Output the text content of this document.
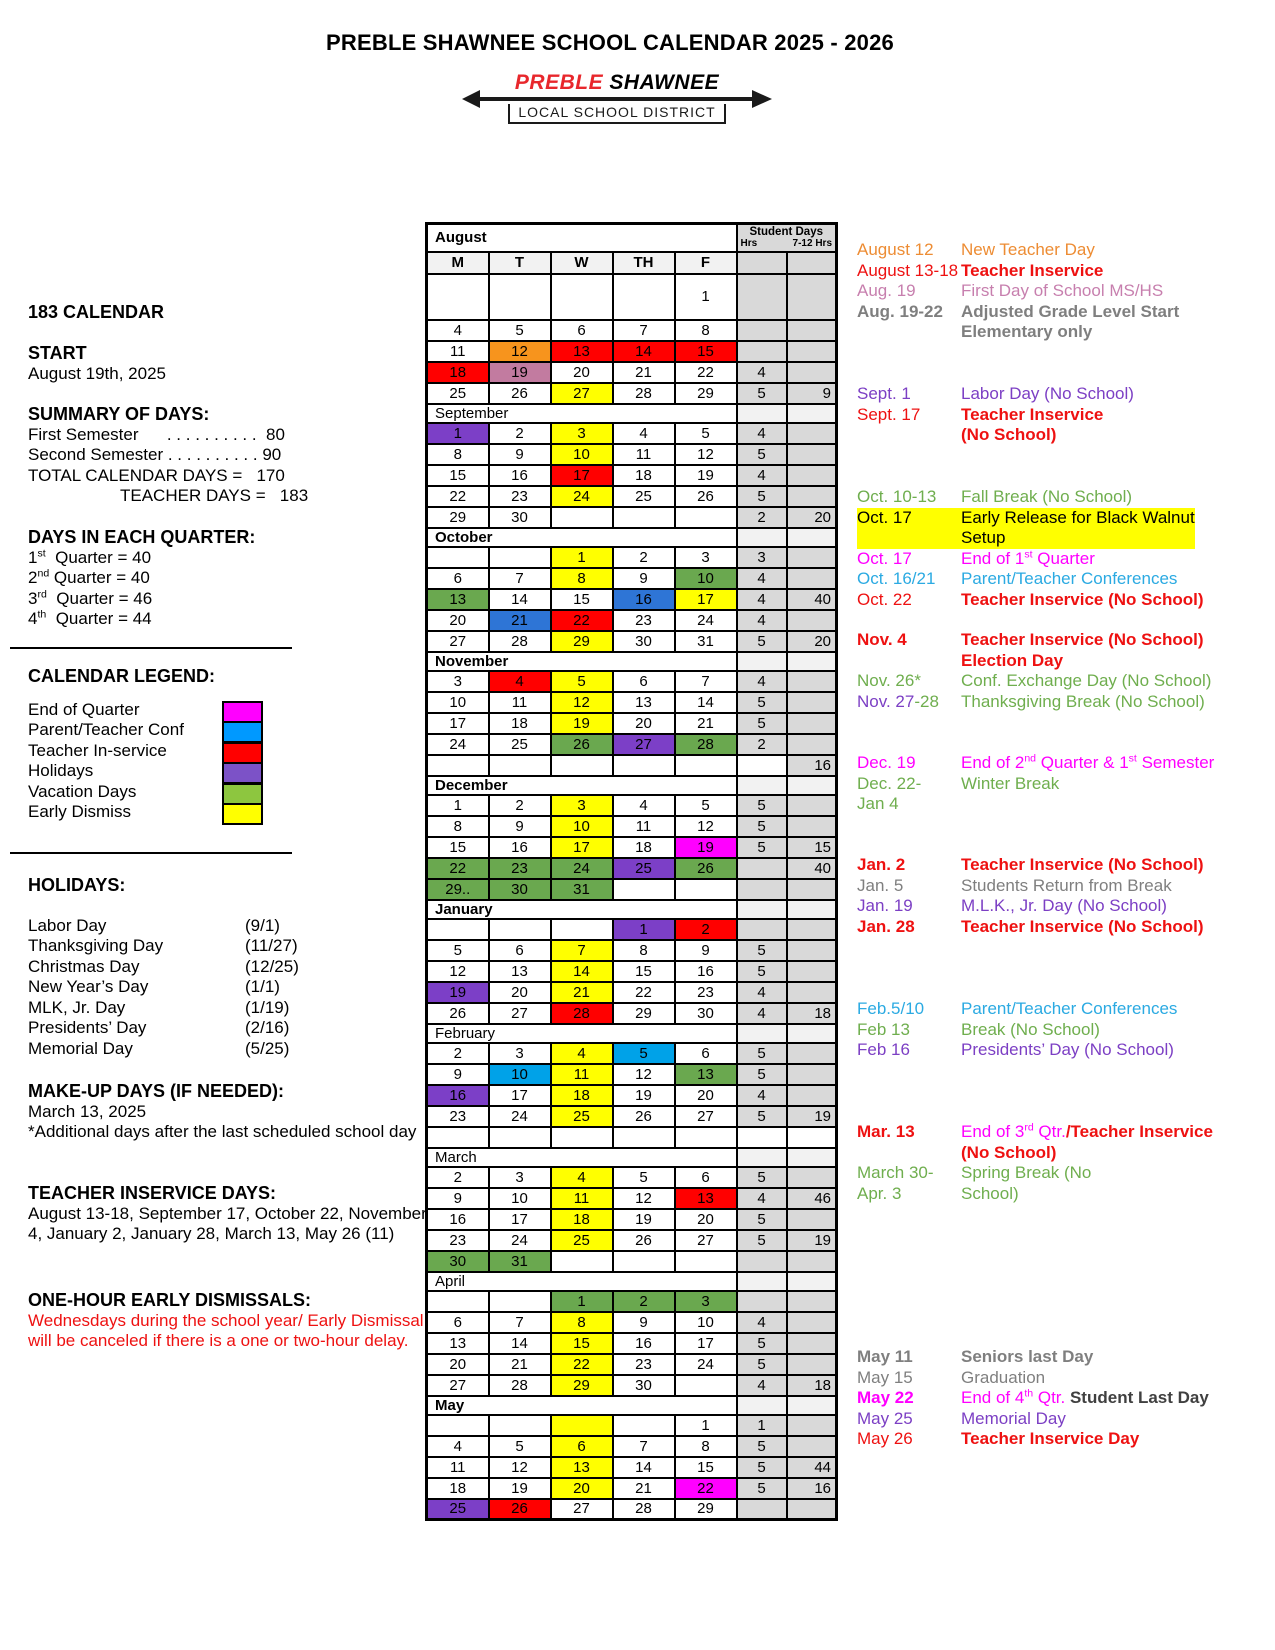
PREBLE SHAWNEE SCHOOL CALENDAR 2025 - 2026
PREBLE SHAWNEE
LOCAL SCHOOL DISTRICT
183 CALENDAR
START
August 19th, 2025
SUMMARY OF DAYS:
First Semester      . . . . . . . . . .  80
Second Semester . . . . . . . . . . 90
TOTAL CALENDAR DAYS =   170
TEACHER DAYS =   183
DAYS IN EACH QUARTER:
1st  Quarter = 40
2nd Quarter = 40
3rd  Quarter = 46
4th  Quarter = 44
CALENDAR LEGEND:
End of Quarter
Parent/Teacher Conf
Teacher In-service
Holidays
Vacation Days
Early Dismiss
HOLIDAYS:
Labor Day	(9/1)
Thanksgiving Day	(11/27)
Christmas Day	(12/25)
New Year’s Day	(1/1)
MLK, Jr. Day	(1/19)
Presidents’ Day	(2/16)
Memorial Day	(5/25)
MAKE-UP DAYS (IF NEEDED):
March 13, 2025
*Additional days after the last scheduled school day
TEACHER INSERVICE DAYS:
August 13-18, September 17, October 22, November 4, January 2, January 28, March 13, May 26 (11)
ONE-HOUR EARLY DISMISSALS:
Wednesdays during the school year/ Early Dismissal will be canceled if there is a one or two-hour delay.
August					Student Days
Hrs 7-12 Hrs	

M	T	W	TH	F		
				1		
4	5	6	7	8		
11	12	13	14	15		
18	19	20	21	22	4	
25	26	27	28	29	5	9
September						
1	2	3	4	5	4	
8	9	10	11	12	5	
15	16	17	18	19	4	
22	23	24	25	26	5	
29	30				2	20
October						
		1	2	3	3	
6	7	8	9	10	4	
13	14	15	16	17	4	40
20	21	22	23	24	4	
27	28	29	30	31	5	20
November						
3	4	5	6	7	4	
10	11	12	13	14	5	
17	18	19	20	21	5	
24	25	26	27	28	2	
						16
December						
1	2	3	4	5	5	
8	9	10	11	12	5	
15	16	17	18	19	5	15
22	23	24	25	26		40
29..	30	31				
January						
			1	2		
5	6	7	8	9	5	
12	13	14	15	16	5	
19	20	21	22	23	4	
26	27	28	29	30	4	18
February						
2	3	4	5	6	5	
9	10	11	12	13	5	
16	17	18	19	20	4	
23	24	25	26	27	5	19

March						
2	3	4	5	6	5	
9	10	11	12	13	4	46
16	17	18	19	20	5	
23	24	25	26	27	5	19
30	31					
April						
		1	2	3		
6	7	8	9	10	4	
13	14	15	16	17	5	
20	21	22	23	24	5	
27	28	29	30		4	18
May						
				1	1	
4	5	6	7	8	5	
11	12	13	14	15	5	44
18	19	20	21	22	5	16
25	26	27	28	29		
August 12	New Teacher Day
August 13-18 Teacher Inservice
Aug. 19	First Day of School MS/HS
Aug. 19-22	Adjusted Grade Level Start
Elementary only
Sept. 1	Labor Day (No School)
Sept. 17	Teacher Inservice
(No School)
Oct. 10-13	Fall Break (No School)
Oct. 17	Early Release for Black Walnut
Setup
Oct. 17	End of 1st Quarter
Oct. 16/21	Parent/Teacher Conferences
Oct. 22	Teacher Inservice (No School)
Nov. 4	Teacher Inservice (No School)
Election Day
Nov. 26*	Conf. Exchange Day (No School)
Nov. 27-28	Thanksgiving Break (No School)
Dec. 19	End of 2nd Quarter & 1st Semester
Dec. 22-
Jan 4
Winter Break
Jan. 2	Teacher Inservice (No School)
Jan. 5	Students Return from Break
Jan. 19	M.L.K., Jr. Day (No School)
Jan. 28	Teacher Inservice (No School)
Feb.5/10	Parent/Teacher Conferences
Feb 13	Break (No School)
Feb 16	Presidents’ Day (No School)
Mar. 13	End of 3rd Qtr./Teacher Inservice
(No School)
March 30-
Apr. 3
Spring Break (No
School)
May 11	Seniors last Day
May 15	Graduation
May 22	End of 4th Qtr. Student Last Day
May 25	Memorial Day
May 26	Teacher Inservice Day
